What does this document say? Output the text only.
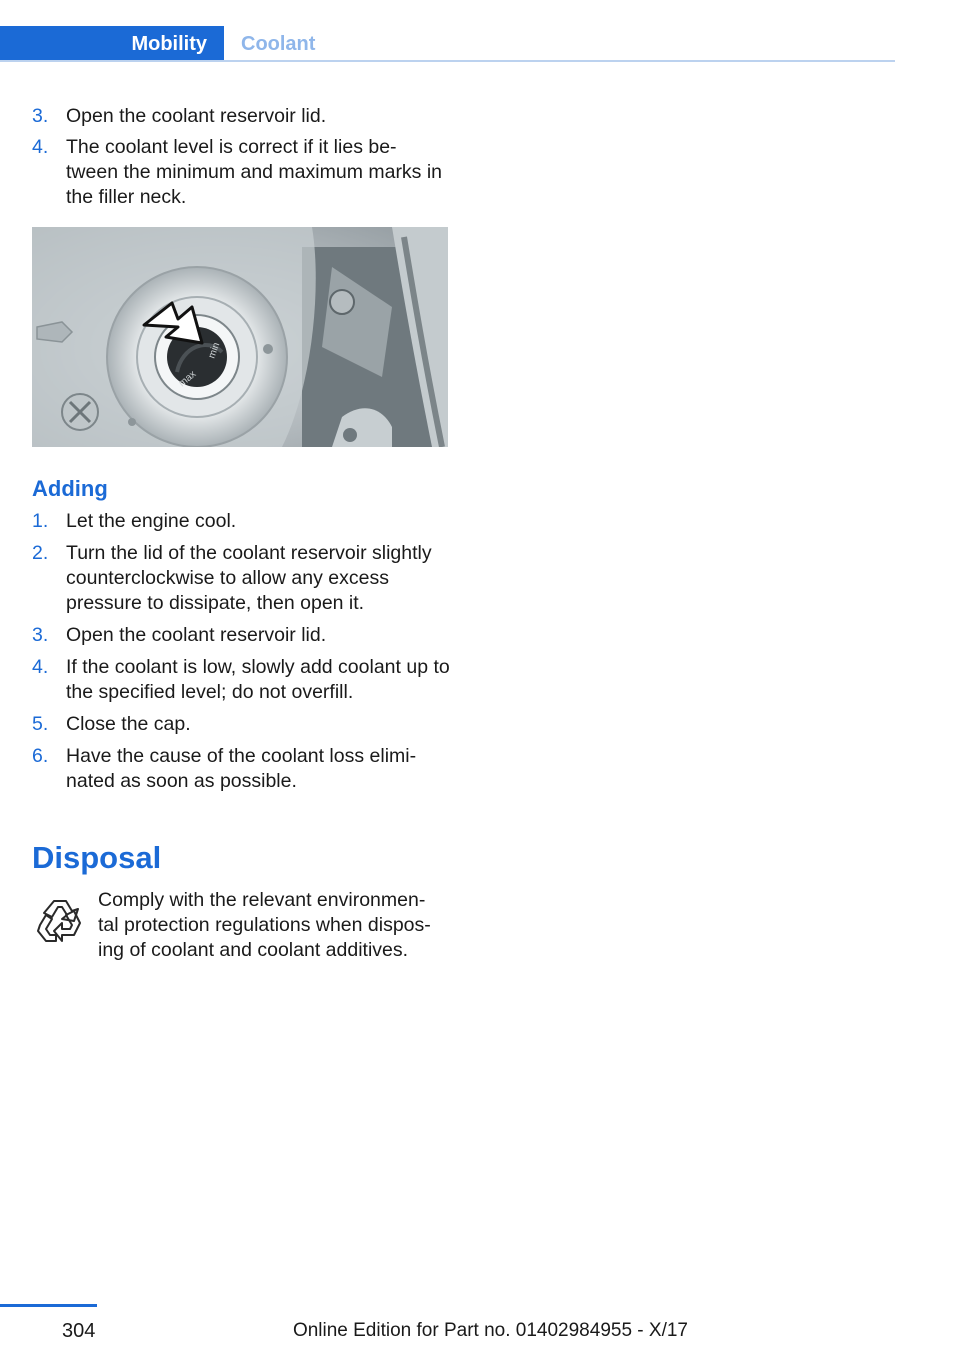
Mobility Coolant
3. Open the coolant reservoir lid.
4. The coolant level is correct if it lies be‐ tween the minimum and maximum marks in the filler neck.
min
max
Adding
1. Let the engine cool.
2. Turn the lid of the coolant reservoir slightly counterclockwise to allow any excess pressure to dissipate, then open it.
3. Open the coolant reservoir lid.
4. If the coolant is low, slowly add coolant up to the specified level; do not overfill.
5. Close the cap.
6. Have the cause of the coolant loss elimi‐ nated as soon as possible.
Disposal

Comply with the relevant environmen‐ tal protection regulations when dispos‐ ing of coolant and coolant additives.

304	Online Edition for Part no. 01402984955 - X/17
